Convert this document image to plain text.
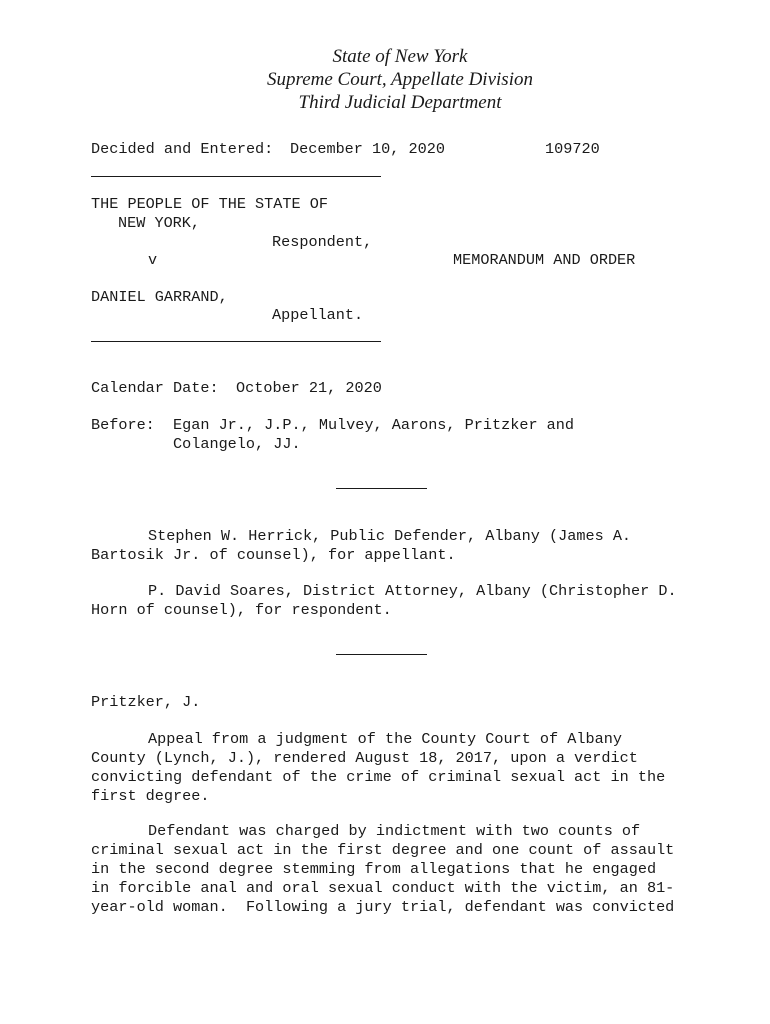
State of New York
Supreme Court, Appellate Division
Third Judicial Department
Decided and Entered: December 10, 2020	109720
THE PEOPLE OF THE STATE OF
NEW YORK,
Respondent,
v	MEMORANDUM AND ORDER
DANIEL GARRAND,
Appellant.
Calendar Date: October 21, 2020
Before: Egan Jr., J.P., Mulvey, Aarons, Pritzker and
Colangelo, JJ.
Stephen W. Herrick, Public Defender, Albany (James A.
Bartosik Jr. of counsel), for appellant.
P. David Soares, District Attorney, Albany (Christopher D.
Horn of counsel), for respondent.
Pritzker, J.
Appeal from a judgment of the County Court of Albany
County (Lynch, J.), rendered August 18, 2017, upon a verdict
convicting defendant of the crime of criminal sexual act in the
first degree.
Defendant was charged by indictment with two counts of
criminal sexual act in the first degree and one count of assault
in the second degree stemming from allegations that he engaged
in forcible anal and oral sexual conduct with the victim, an 81-
year-old woman.  Following a jury trial, defendant was convicted
